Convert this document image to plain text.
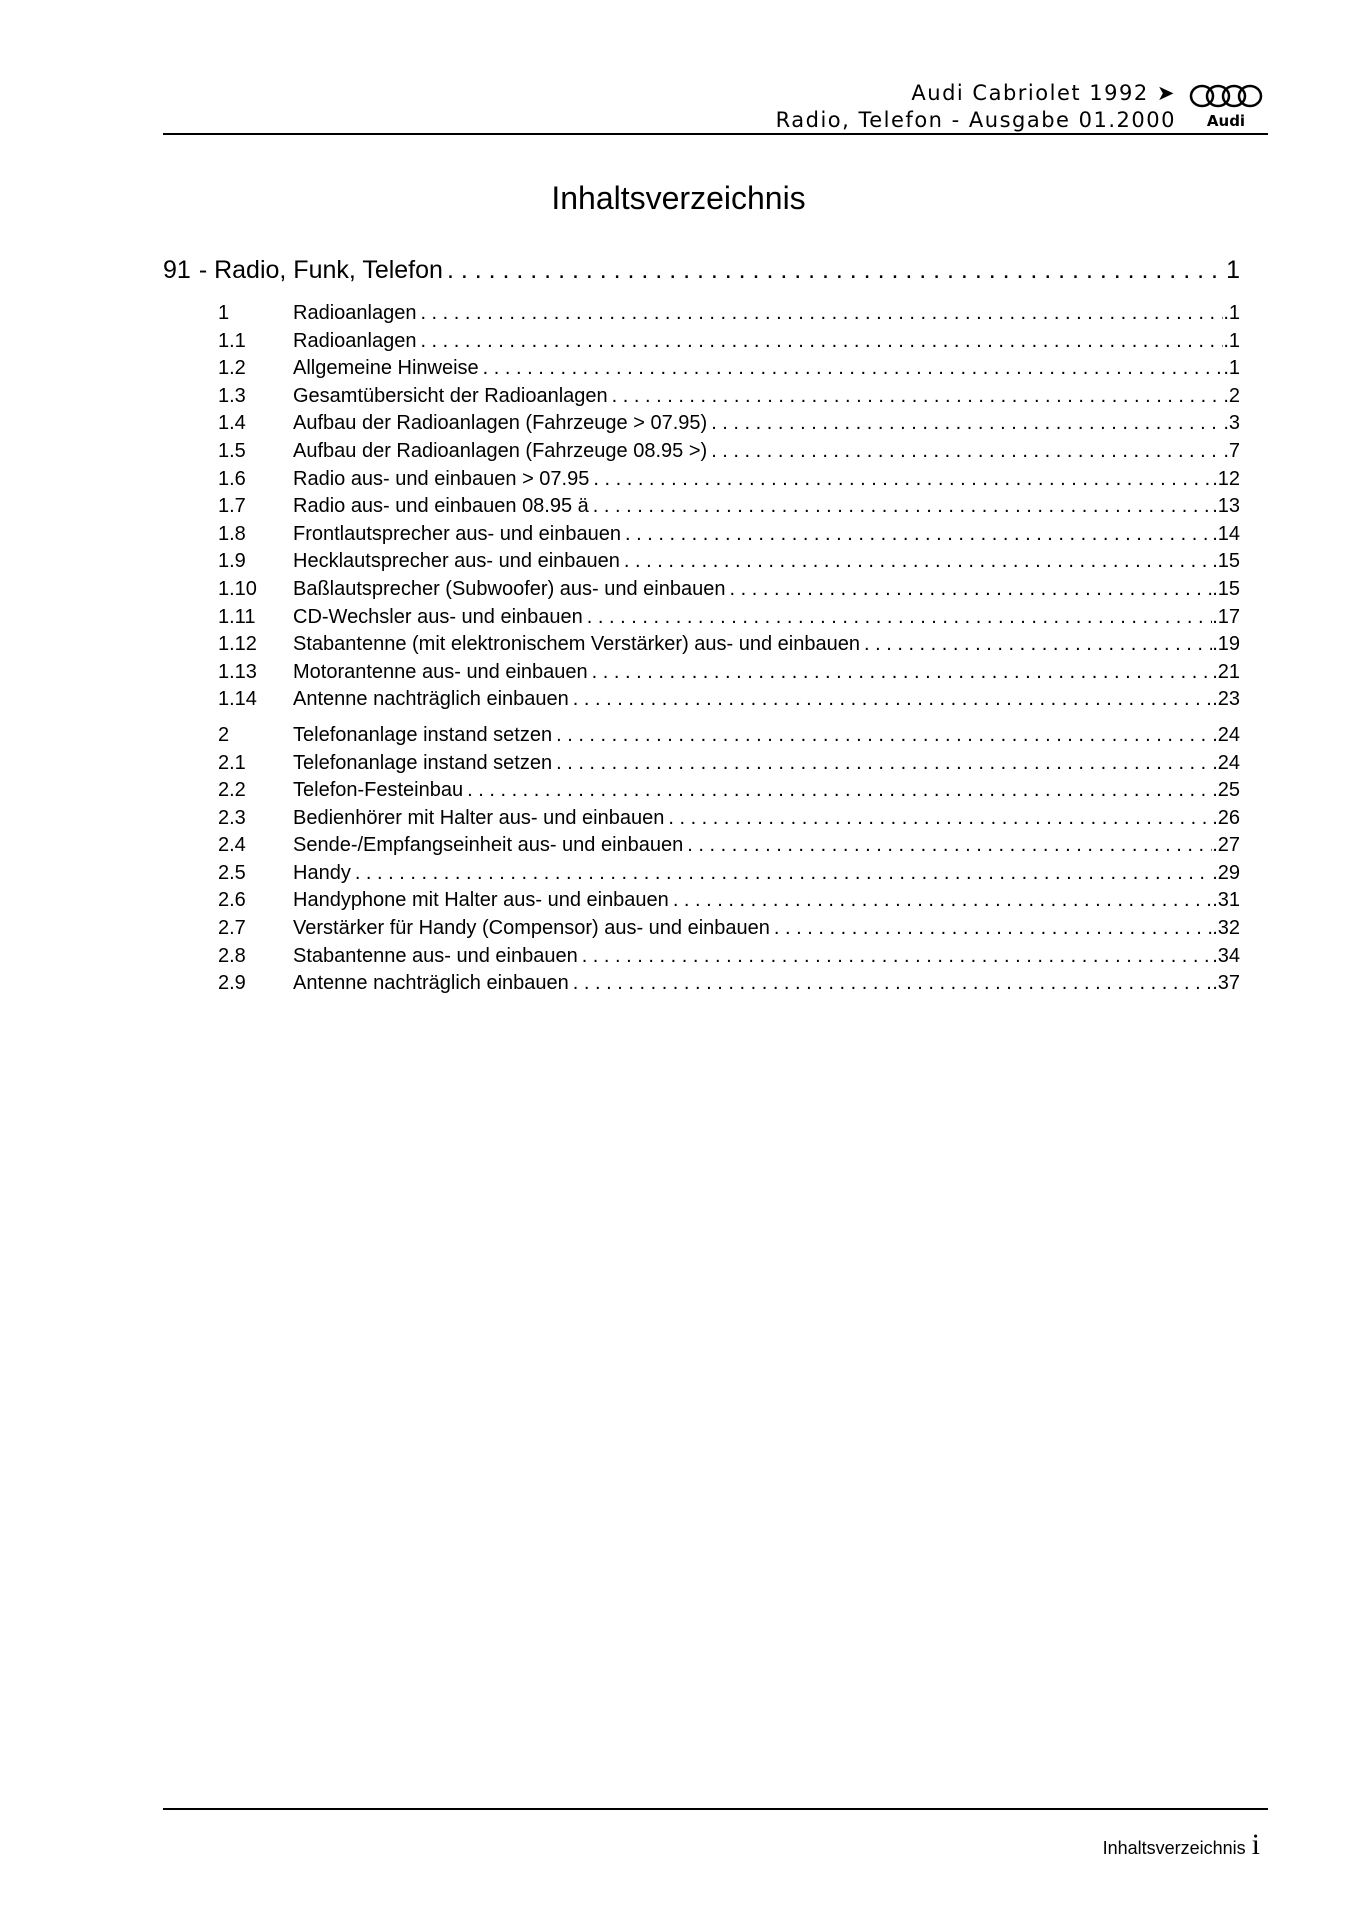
Audi Cabriolet 1992 ➤
Radio, Telefon - Ausgabe 01.2000 Audi
Inhaltsverzeichnis
91 - Radio, Funk, Telefon . . .	1
1	Radioanlagen . . .	.1
1.1	Radioanlagen . . .	.1
1.2	Allgemeine Hinweise . . .	.1
1.3	Gesamtübersicht der Radioanlagen . . .	.2
1.4	Aufbau der Radioanlagen (Fahrzeuge > 07.95) . . .	.3
1.5	Aufbau der Radioanlagen (Fahrzeuge 08.95 >) . . .	.7
1.6	Radio aus- und einbauen > 07.95 . . .	.12
1.7	Radio aus- und einbauen 08.95 ä . . .	.13
1.8	Frontlautsprecher aus- und einbauen . . .	.14
1.9	Hecklautsprecher aus- und einbauen . . .	.15
1.10	Baßlautsprecher (Subwoofer) aus- und einbauen . . .	.15
1.11	CD-Wechsler aus- und einbauen . . .	.17
1.12	Stabantenne (mit elektronischem Verstärker) aus- und einbauen . . .	.19
1.13	Motorantenne aus- und einbauen . . .	.21
1.14	Antenne nachträglich einbauen . . .	.23
2	Telefonanlage instand setzen . . .	.24
2.1	Telefonanlage instand setzen . . .	.24
2.2	Telefon-Festeinbau . . .	.25
2.3	Bedienhörer mit Halter aus- und einbauen . . .	.26
2.4	Sende-/Empfangseinheit aus- und einbauen . . .	.27
2.5	Handy . . .	.29
2.6	Handyphone mit Halter aus- und einbauen . . .	.31
2.7	Verstärker für Handy (Compensor) aus- und einbauen . . .	.32
2.8	Stabantenne aus- und einbauen . . .	.34
2.9	Antenne nachträglich einbauen . . .	.37
Inhaltsverzeichnis i
